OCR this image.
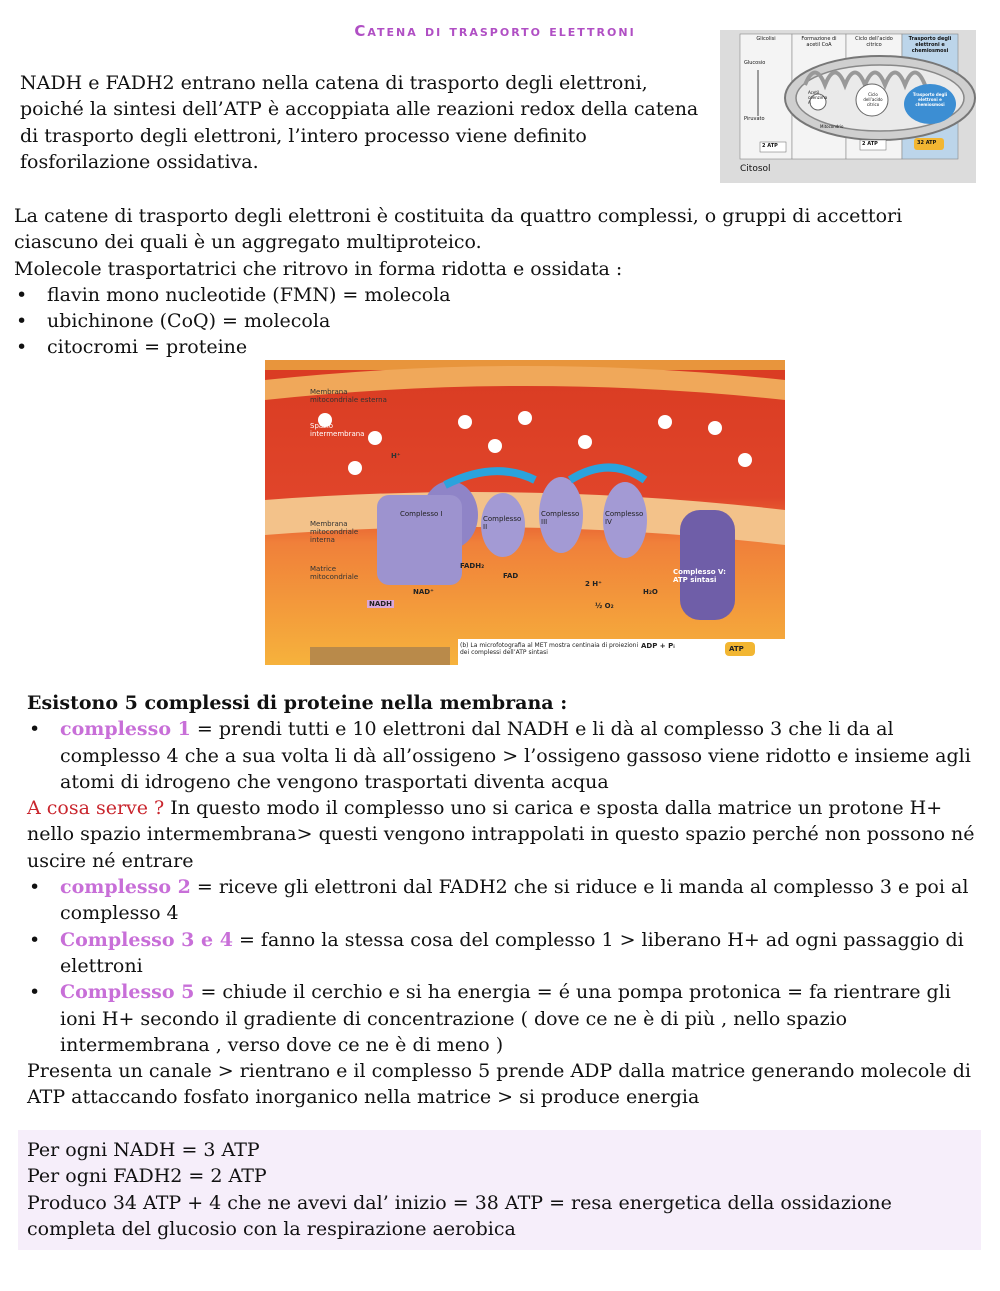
Catena di trasporto elettroni
NADH e FADH2 entrano nella catena di trasporto degli elettroni, poiché la sintesi dell’ATP è accoppiata alle reazioni redox della catena di trasporto degli elettroni, l’intero processo viene definito fosforilazione ossidativa.
Glicolisi	Formazione di acetil CoA
Ciclo dell’acido citrico
Trasporto degli elettroni e chemiosmosi
Glucosio
Piruvato
Acetil coenzima A
Ciclo dell’acido citrico
Mitocondrio
Trasporto degli elettroni e chemiosmosi
Citosol
2 ATP	2 ATP	32 ATP
La catene di trasporto degli elettroni è costituita da quattro complessi, o gruppi di accettori ciascuno dei quali è un aggregato multiproteico.
Molecole trasportatrici che ritrovo in forma ridotta e ossidata :
• flavin mono nucleotide (FMN) = molecola
• ubichinone (CoQ) = molecola
• citocromi = proteine
Membrana mitocondriale esterna
Spazio intermembrana
Membrana mitocondriale interna
Matrice mitocondriale
Complesso I
Complesso II
Complesso III
Complesso IV
Complesso V: ATP sintasi
H⁺
NADH
NAD⁺
FADH₂
FAD
2 H⁺
½ O₂
H₂O
ADP + Pᵢ	ATP
(b) La microfotografia al MET mostra centinaia di proiezioni dei complessi dell’ATP sintasi
Esistono 5 complessi di proteine nella membrana :
• complesso 1 = prendi tutti e 10 elettroni dal NADH e li dà al complesso 3 che li da al complesso 4 che a sua volta li dà all’ossigeno > l’ossigeno gassoso viene ridotto e insieme agli atomi di idrogeno che vengono trasportati diventa acqua
A cosa serve ? In questo modo il complesso uno si carica e sposta dalla matrice un protone H+ nello spazio intermembrana> questi vengono intrappolati in questo spazio perché non possono né uscire né entrare
• complesso 2 = riceve gli elettroni dal FADH2 che si riduce e li manda al complesso 3 e poi al complesso 4
• Complesso 3 e 4 = fanno la stessa cosa del complesso 1 > liberano H+ ad ogni passaggio di elettroni
• Complesso 5 = chiude il cerchio e si ha energia = é una pompa protonica = fa rientrare gli ioni H+ secondo il gradiente di concentrazione ( dove ce ne è di più , nello spazio intermembrana , verso dove ce ne è di meno )
Presenta un canale > rientrano e il complesso 5 prende ADP dalla matrice generando molecole di ATP attaccando fosfato inorganico nella matrice > si produce energia
Per ogni NADH = 3 ATP
Per ogni FADH2 = 2 ATP
Produco 34 ATP + 4 che ne avevi dal’ inizio = 38 ATP = resa energetica della ossidazione completa del glucosio con la respirazione aerobica
